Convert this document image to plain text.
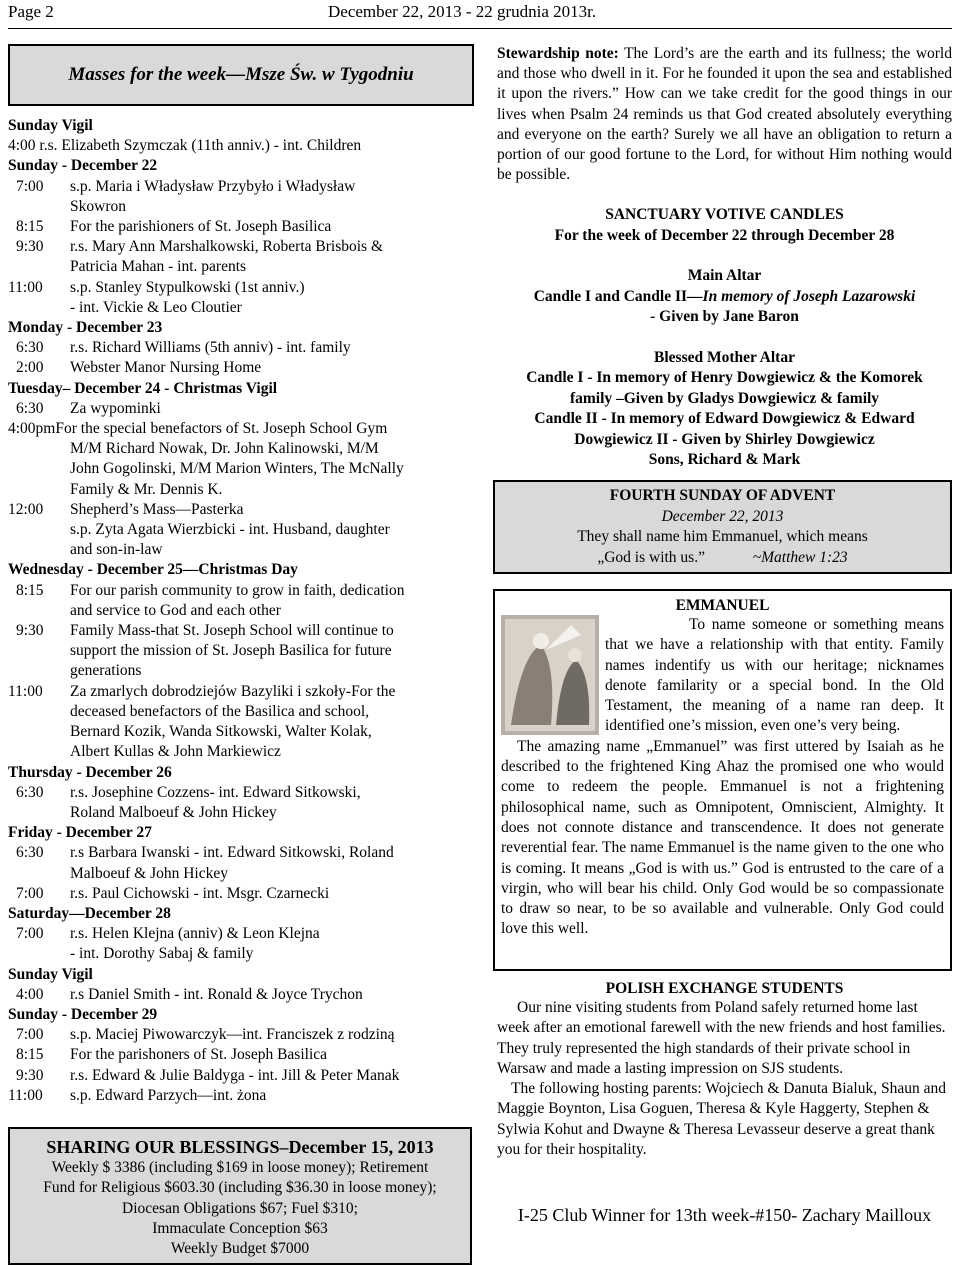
Page 2	December 22, 2013 - 22 grudnia 2013r.
Masses for the week—Msze Św. w Tygodniu
Sunday Vigil
4:00 r.s. Elizabeth Szymczak (11th anniv.) - int. Children
Sunday - December 22
7:00	s.p. Maria i Władysław Przybyło i Władysław
Skowron
8:15	For the parishioners of St. Joseph Basilica
9:30	r.s. Mary Ann Marshalkowski, Roberta Brisbois &
Patricia Mahan - int. parents
11:00	s.p. Stanley Stypulkowski (1st anniv.)
- int. Vickie & Leo Cloutier
Monday - December 23
6:30	r.s. Richard Williams (5th anniv) - int. family
2:00	Webster Manor Nursing Home
Tuesday– December 24 - Christmas Vigil
6:30	Za wypominki
4:00pmFor the special benefactors of St. Joseph School Gym
M/M Richard Nowak, Dr. John Kalinowski, M/M
John Gogolinski, M/M Marion Winters, The McNally
Family & Mr. Dennis K.
12:00	Shepherd’s Mass—Pasterka
s.p. Zyta Agata Wierzbicki - int. Husband, daughter
and son-in-law
Wednesday - December 25—Christmas Day
8:15	For our parish community to grow in faith, dedication
and service to God and each other
9:30	Family Mass-that St. Joseph School will continue to
support the mission of St. Joseph Basilica for future
generations
11:00	Za zmarlych dobrodziejów Bazyliki i szkoły-For the
deceased benefactors of the Basilica and school,
Bernard Kozik, Wanda Sitkowski, Walter Kolak,
Albert Kullas & John Markiewicz
Thursday - December 26
6:30	r.s. Josephine Cozzens- int. Edward Sitkowski,
Roland Malboeuf & John Hickey
Friday - December 27
6:30	r.s Barbara Iwanski - int. Edward Sitkowski, Roland
Malboeuf & John Hickey
7:00	r.s. Paul Cichowski - int. Msgr. Czarnecki
Saturday—December 28
7:00	r.s. Helen Klejna (anniv) & Leon Klejna
- int. Dorothy Sabaj & family
Sunday Vigil
4:00	r.s Daniel Smith - int. Ronald & Joyce Trychon
Sunday - December 29
7:00	s.p. Maciej Piwowarczyk—int. Franciszek z rodziną
8:15	For the parishoners of St. Joseph Basilica
9:30	r.s. Edward & Julie Baldyga - int. Jill & Peter Manak
11:00	s.p. Edward Parzych—int. żona
SHARING OUR BLESSINGS–December 15, 2013

Weekly $ 3386 (including $169 in loose money); Retirement

Fund for Religious $603.30 (including $36.30 in loose money);

Diocesan Obligations $67; Fuel $310;

Immaculate Conception $63

Weekly Budget $7000

Stewardship note: The Lord’s are the earth and its fullness; the world and those who dwell in it. For he founded it upon the sea and established it upon the rivers.” How can we take credit for the good things in our lives when Psalm 24 reminds us that God created absolutely everything and everyone on the earth? Surely we all have an obligation to return a portion of our good fortune to the Lord, for without Him nothing would be possible.

SANCTUARY VOTIVE CANDLES
For the week of December 22 through December 28
Main Altar
Candle I and Candle II—In memory of Joseph Lazarowski
- Given by Jane Baron
Blessed Mother Altar
Candle I - In memory of Henry Dowgiewicz & the Komorek
family –Given by Gladys Dowgiewicz & family
Candle II - In memory of Edward Dowgiewicz & Edward
Dowgiewicz II - Given by Shirley Dowgiewicz
Sons, Richard & Mark
FOURTH SUNDAY OF ADVENT
December 22, 2013
They shall name him Emmanuel, which means
„God is with us.”	~Matthew 1:23
EMMANUEL

To name someone or something means that we have a relationship with that entity. Family names indentify us with our heritage; nicknames denote familarity or a special bond. In the Old Testament, the meaning of a name ran deep. It identified one’s mission, even one’s very being.

The amazing name „Emmanuel” was first uttered by Isaiah as he described to the frightened King Ahaz the promised one who would come to redeem the people. Emmanuel is not a frightening philosophical name, such as Omnipotent, Omniscient, Almighty. It does not connote distance and transcendence. It does not generate reverential fear. The name Emmanuel is the name given to the one who is coming. It means „God is with us.” God is entrusted to the care of a virgin, who will bear his child. Only God would be so compassionate to draw so near, to be so available and vulnerable. Only God could love this well.

POLISH EXCHANGE STUDENTS

Our nine visiting students from Poland safely returned home last week after an emotional farewell with the new friends and host families. They truly represented the high standards of their private school in Warsaw and made a lasting impression on SJS students.

The following hosting parents: Wojciech & Danuta Bialuk, Shaun and Maggie Boynton, Lisa Goguen, Theresa & Kyle Haggerty, Stephen & Sylwia Kohut and Dwayne & Theresa Levasseur deserve a great thank you for their hospitality.

I-25 Club Winner for 13th week-#150- Zachary Mailloux
